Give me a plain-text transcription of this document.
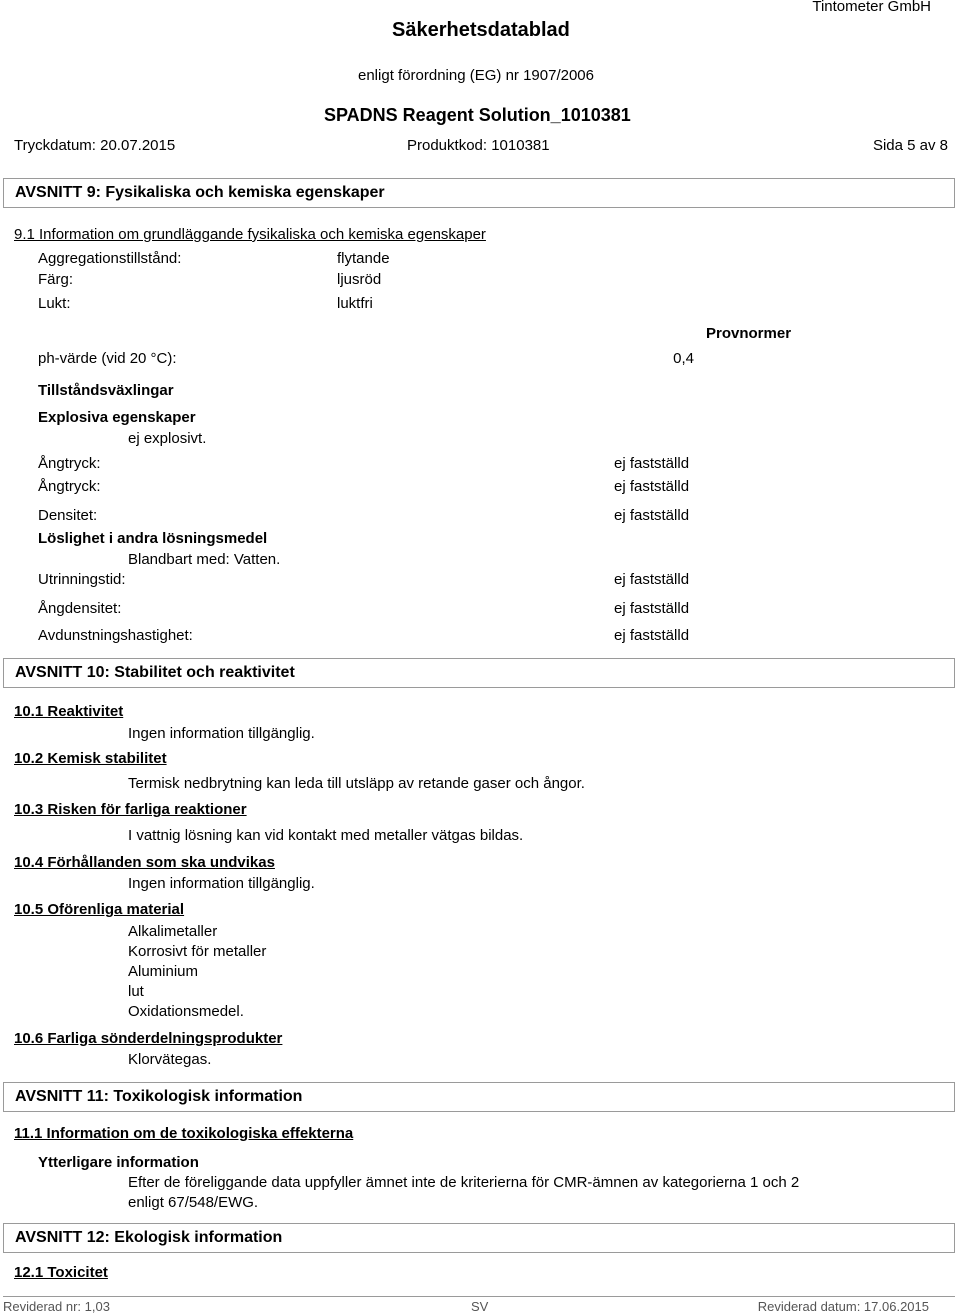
Säkerhetsdatablad
Tintometer GmbH
enligt förordning (EG) nr 1907/2006
SPADNS Reagent Solution_1010381
Tryckdatum: 20.07.2015	Produktkod: 1010381	Sida 5 av 8
AVSNITT 9: Fysikaliska och kemiska egenskaper
9.1 Information om grundläggande fysikaliska och kemiska egenskaper
Aggregationstillstånd:	flytande
Färg:	ljusröd
Lukt:	luktfri
Provnormer
ph-värde (vid 20 °C):	0,4
Tillståndsväxlingar
Explosiva egenskaper
ej explosivt.
Ångtryck:	ej fastställd
Ångtryck:	ej fastställd
Densitet:	ej fastställd
Löslighet i andra lösningsmedel
Blandbart med: Vatten.
Utrinningstid:	ej fastställd
Ångdensitet:	ej fastställd
Avdunstningshastighet:	ej fastställd
AVSNITT 10: Stabilitet och reaktivitet
10.1 Reaktivitet
Ingen information tillgänglig.
10.2 Kemisk stabilitet
Termisk nedbrytning kan leda till utsläpp av retande gaser och ångor.
10.3 Risken för farliga reaktioner
I vattnig lösning kan vid kontakt med metaller vätgas bildas.
10.4 Förhållanden som ska undvikas
Ingen information tillgänglig.
10.5 Oförenliga material
Alkalimetaller
Korrosivt för metaller
Aluminium
lut
Oxidationsmedel.
10.6 Farliga sönderdelningsprodukter
Klorvätegas.
AVSNITT 11: Toxikologisk information
11.1 Information om de toxikologiska effekterna
Ytterligare information
Efter de föreliggande data uppfyller ämnet inte de kriterierna för CMR-ämnen av kategorierna 1 och 2
enligt 67/548/EWG.
AVSNITT 12: Ekologisk information
12.1 Toxicitet
Reviderad nr: 1,03	SV	Reviderad datum: 17.06.2015
